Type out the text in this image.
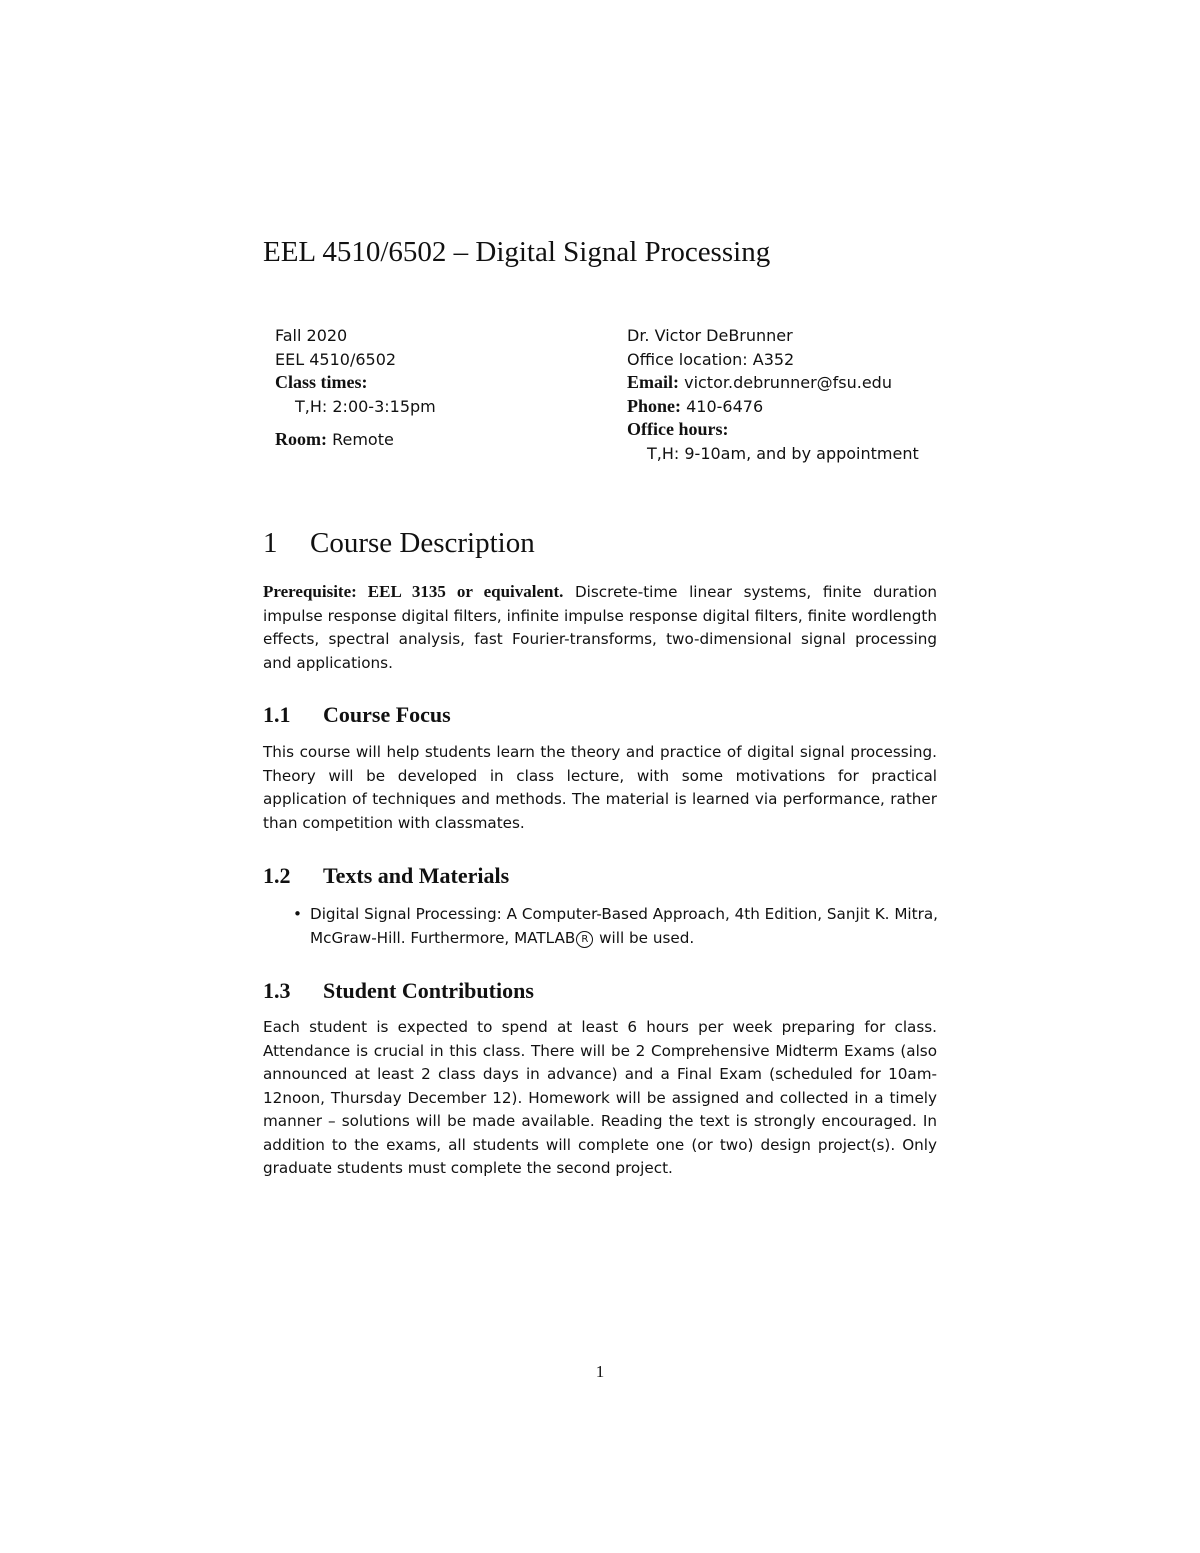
EEL 4510/6502 – Digital Signal Processing
Fall 2020
EEL 4510/6502
Class times:
T,H: 2:00-3:15pm
Room: Remote
Dr. Victor DeBrunner
Office location: A352
Email: victor.debrunner@fsu.edu
Phone: 410-6476
Office hours:
T,H: 9-10am, and by appointment
1 Course Description

Prerequisite: EEL 3135 or equivalent. Discrete-time linear systems, finite duration impulse response digital filters, infinite impulse response digital filters, finite wordlength effects, spectral analysis, fast Fourier-transforms, two-dimensional signal processing and applications.

1.1 Course Focus

This course will help students learn the theory and practice of digital signal processing. Theory will be developed in class lecture, with some motivations for practical application of techniques and methods. The material is learned via performance, rather than competition with classmates.

1.2 Texts and Materials
• Digital Signal Processing: A Computer-Based Approach, 4th Edition, Sanjit K. Mitra, McGraw-Hill. Furthermore, MATLAB R will be used.
1.3 Student Contributions

Each student is expected to spend at least 6 hours per week preparing for class. Attendance is crucial in this class. There will be 2 Comprehensive Midterm Exams (also announced at least 2 class days in advance) and a Final Exam (scheduled for 10am-12noon, Thursday December 12). Homework will be assigned and collected in a timely manner – solutions will be made available. Reading the text is strongly encouraged. In addition to the exams, all students will complete one (or two) design project(s). Only graduate students must complete the second project.

1
